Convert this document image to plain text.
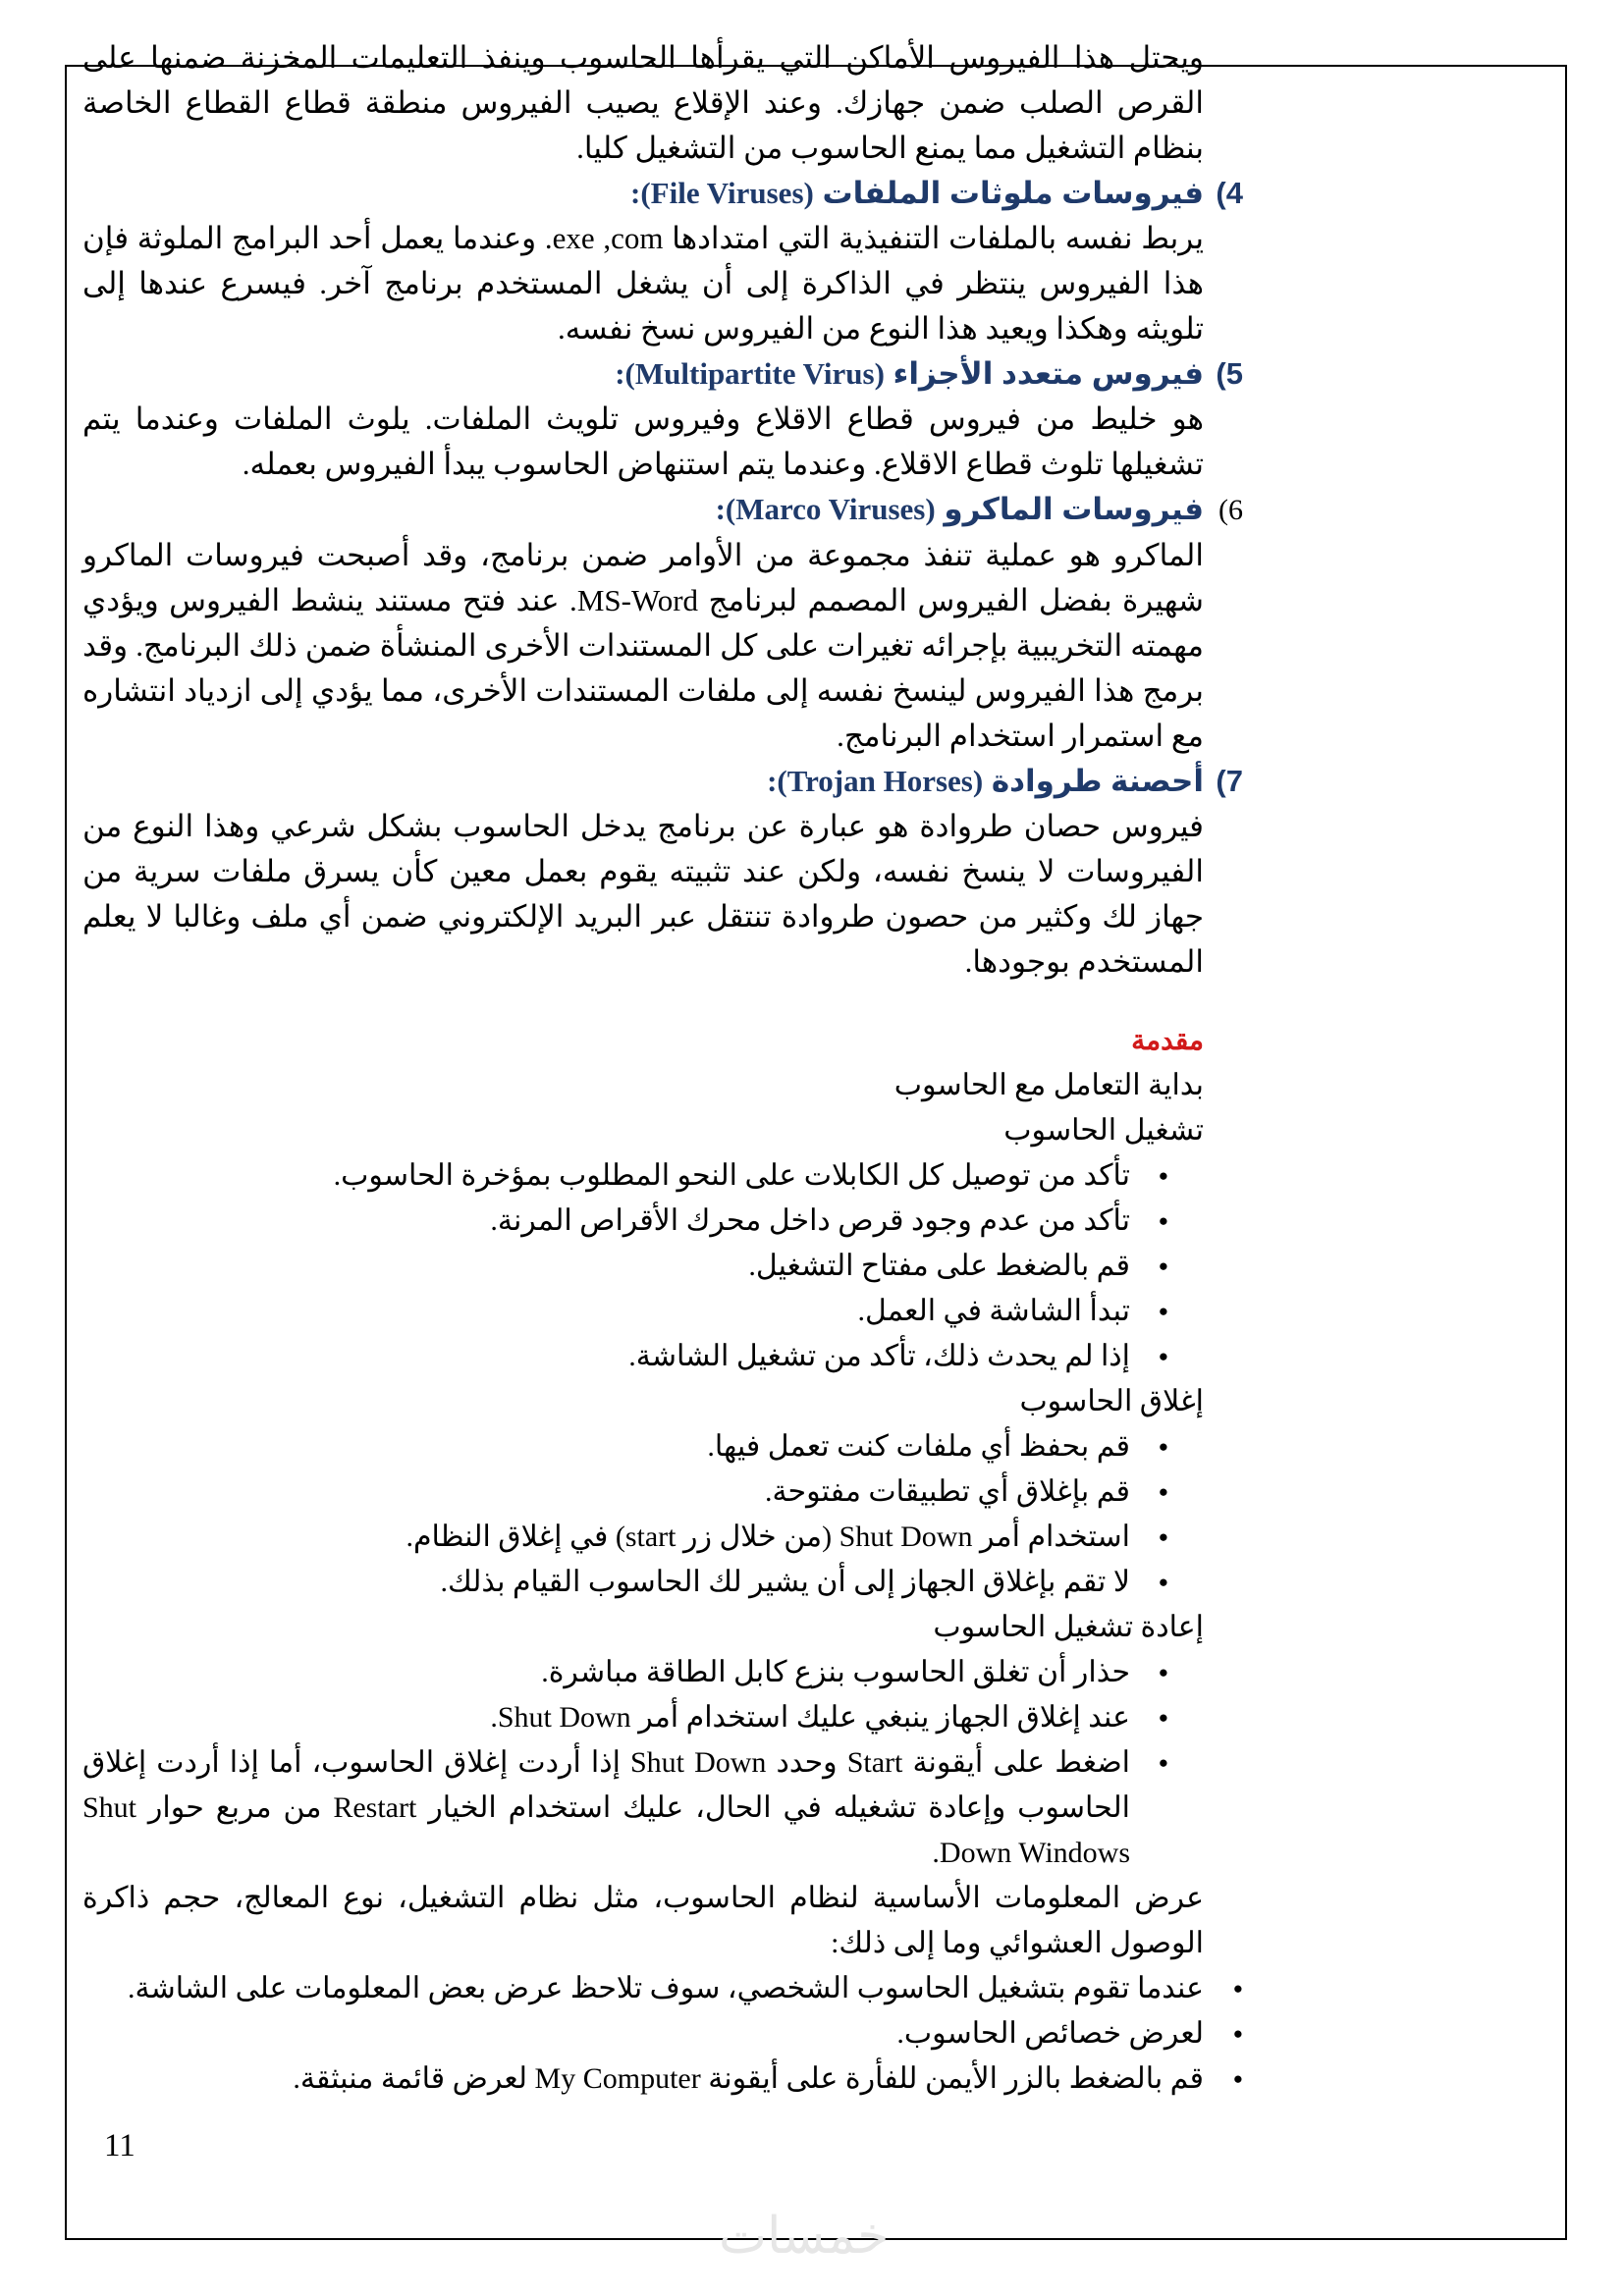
ويحتل هذا الفيروس الأماكن التي يقرأها الحاسوب وينفذ التعليمات المخزنة ضمنها على القرص الصلب ضمن جهازك. وعند الإقلاع يصيب الفيروس منطقة قطاع القطاع الخاصة بنظام التشغيل مما يمنع الحاسوب من التشغيل كليا.

4)
فيروسات ملوثات الملفات (File Viruses):

يربط نفسه بالملفات التنفيذية التي امتدادها exe ,com. وعندما يعمل أحد البرامج الملوثة فإن هذا الفيروس ينتظر في الذاكرة إلى أن يشغل المستخدم برنامج آخر. فيسرع عندها إلى تلويثه وهكذا ويعيد هذا النوع من الفيروس نسخ نفسه.

5)
فيروس متعدد الأجزاء (Multipartite Virus):

هو خليط من فيروس قطاع الاقلاع وفيروس تلويث الملفات. يلوث الملفات وعندما يتم تشغيلها تلوث قطاع الاقلاع. وعندما يتم استنهاض الحاسوب يبدأ الفيروس بعمله.

6)
فيروسات الماكرو (Marco Viruses):

الماكرو هو عملية تنفذ مجموعة من الأوامر ضمن برنامج، وقد أصبحت فيروسات الماكرو شهيرة بفضل الفيروس المصمم لبرنامج MS-Word. عند فتح مستند ينشط الفيروس ويؤدي مهمته التخريبية بإجرائه تغيرات على كل المستندات الأخرى المنشأة ضمن ذلك البرنامج. وقد برمج هذا الفيروس لينسخ نفسه إلى ملفات المستندات الأخرى، مما يؤدي إلى ازدياد انتشاره مع استمرار استخدام البرنامج.

7)
أحصنة طروادة (Trojan Horses):

فيروس حصان طروادة هو عبارة عن برنامج يدخل الحاسوب بشكل شرعي وهذا النوع من الفيروسات لا ينسخ نفسه، ولكن عند تثبيته يقوم بعمل معين كأن يسرق ملفات سرية من جهاز لك وكثير من حصون طروادة تنتقل عبر البريد الإلكتروني ضمن أي ملف وغالبا لا يعلم المستخدم بوجودها.

مقدمة
بداية التعامل مع الحاسوب
تشغيل الحاسوب
● تأكد من توصيل كل الكابلات على النحو المطلوب بمؤخرة الحاسوب.
● تأكد من عدم وجود قرص داخل محرك الأقراص المرنة.
● قم بالضغط على مفتاح التشغيل.
● تبدأ الشاشة في العمل.
● إذا لم يحدث ذلك، تأكد من تشغيل الشاشة.
إغلاق الحاسوب
● قم بحفظ أي ملفات كنت تعمل فيها.
● قم بإغلاق أي تطبيقات مفتوحة.
● استخدام أمر Shut Down (من خلال زر start) في إغلاق النظام.
● لا تقم بإغلاق الجهاز إلى أن يشير لك الحاسوب القيام بذلك.
إعادة تشغيل الحاسوب
● حذار أن تغلق الحاسوب بنزع كابل الطاقة مباشرة.
● عند إغلاق الجهاز ينبغي عليك استخدام أمر Shut Down.
● اضغط على أيقونة Start وحدد Shut Down إذا أردت إغلاق الحاسوب، أما إذا أردت إغلاق الحاسوب وإعادة تشغيله في الحال، عليك استخدام الخيار Restart من مربع حوار Shut Down Windows.

عرض المعلومات الأساسية لنظام الحاسوب، مثل نظام التشغيل، نوع المعالج، حجم ذاكرة الوصول العشوائي وما إلى ذلك:

● عندما تقوم بتشغيل الحاسوب الشخصي، سوف تلاحظ عرض بعض المعلومات على الشاشة.
● لعرض خصائص الحاسوب.
● قم بالضغط بالزر الأيمن للفأرة على أيقونة My Computer لعرض قائمة منبثقة.
11
خمسات
